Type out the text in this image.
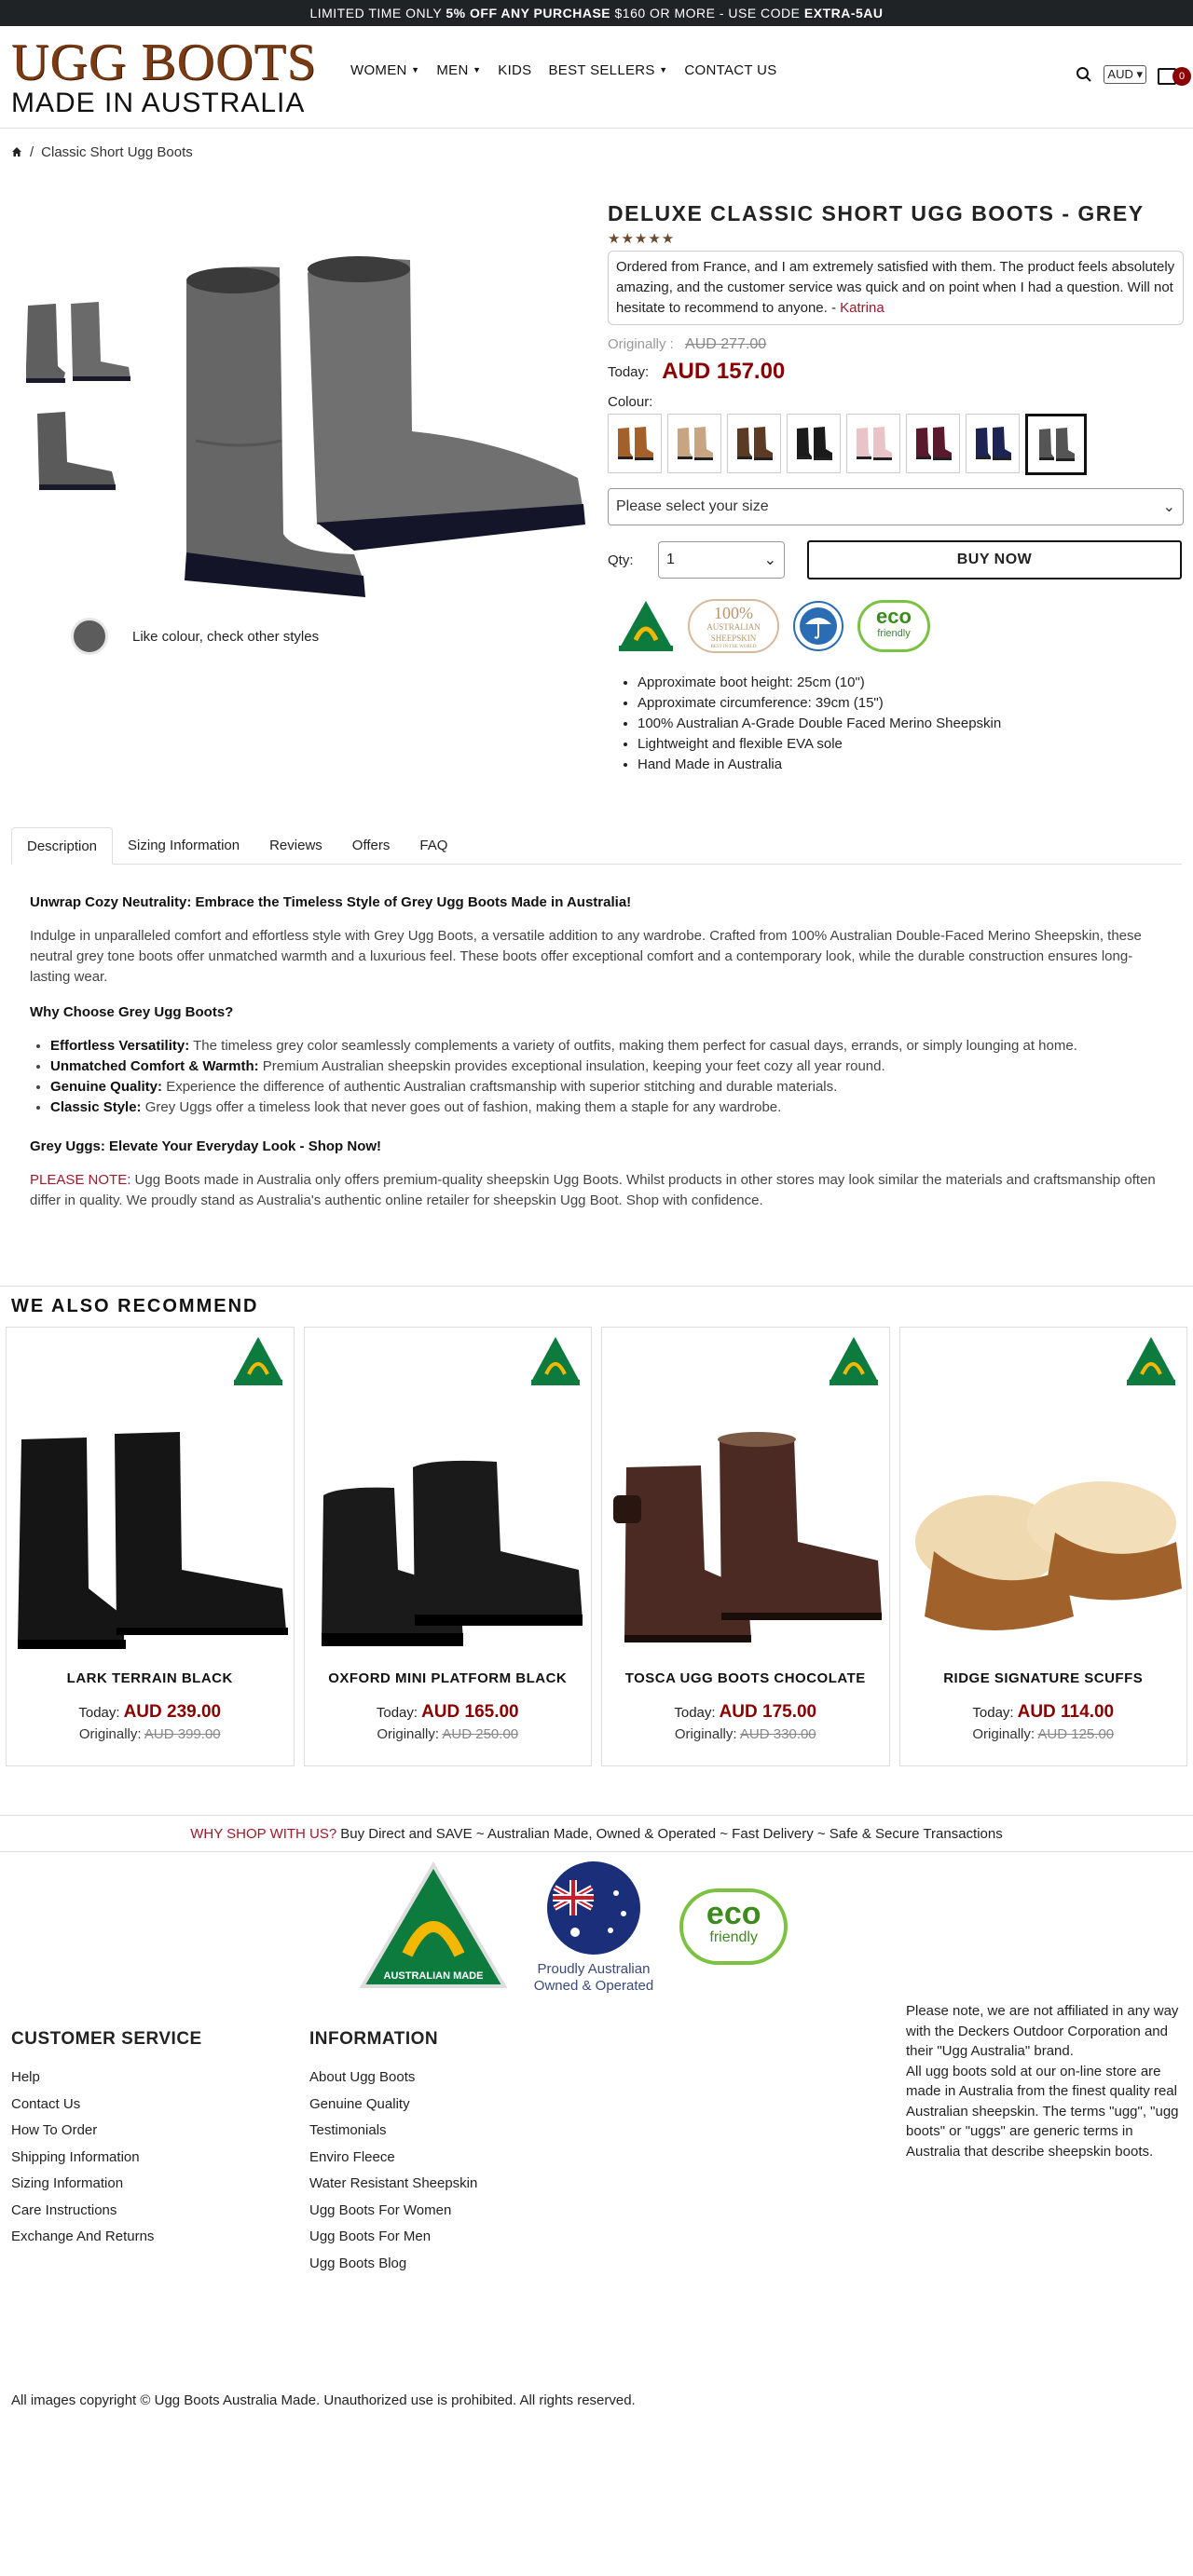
LIMITED TIME ONLY 5% OFF ANY PURCHASE $160 OR MORE - USE CODE EXTRA-5AU
UGG BOOTS
MADE IN AUSTRALIA
WOMEN ▼ MEN ▼ KIDS BEST SELLERS ▼ CONTACT US	AUD ▾	0
/ Classic Short Ugg Boots
Like colour, check other styles
DELUXE CLASSIC SHORT UGG BOOTS - GREY
★★★★★
Ordered from France, and I am extremely satisfied with them. The product feels absolutely amazing, and the customer service was quick and on point when I had a question. Will not hesitate to recommend to anyone. - Katrina
Originally : AUD 277.00
Today: AUD 157.00
Colour:
Please select your size	⌄
Qty:	1	⌄	BUY NOW
100%
AUSTRALIAN
SHEEPSKIN
BEST IN THE WORLD
eco
friendly
• Approximate boot height: 25cm (10")
• Approximate circumference: 39cm (15")
• 100% Australian A-Grade Double Faced Merino Sheepskin
• Lightweight and flexible EVA sole
• Hand Made in Australia
Description	Sizing Information	Reviews	Offers	FAQ
Unwrap Cozy Neutrality: Embrace the Timeless Style of Grey Ugg Boots Made in Australia!

Indulge in unparalleled comfort and effortless style with Grey Ugg Boots, a versatile addition to any wardrobe. Crafted from 100% Australian Double-Faced Merino Sheepskin, these neutral grey tone boots offer unmatched warmth and a luxurious feel. These boots offer exceptional comfort and a contemporary look, while the durable construction ensures long-lasting wear.

Why Choose Grey Ugg Boots?
• Effortless Versatility: The timeless grey color seamlessly complements a variety of outfits, making them perfect for casual days, errands, or simply lounging at home.
• Unmatched Comfort & Warmth: Premium Australian sheepskin provides exceptional insulation, keeping your feet cozy all year round.
• Genuine Quality: Experience the difference of authentic Australian craftsmanship with superior stitching and durable materials.
• Classic Style: Grey Uggs offer a timeless look that never goes out of fashion, making them a staple for any wardrobe.
Grey Uggs: Elevate Your Everyday Look - Shop Now!

PLEASE NOTE: Ugg Boots made in Australia only offers premium-quality sheepskin Ugg Boots. Whilst products in other stores may look similar the materials and craftsmanship often differ in quality. We proudly stand as Australia's authentic online retailer for sheepskin Ugg Boot. Shop with confidence.

WE ALSO RECOMMEND
LARK TERRAIN BLACK
Today: AUD 239.00
Originally: AUD 399.00
OXFORD MINI PLATFORM BLACK
Today: AUD 165.00
Originally: AUD 250.00
TOSCA UGG BOOTS CHOCOLATE
Today: AUD 175.00
Originally: AUD 330.00
RIDGE SIGNATURE SCUFFS
Today: AUD 114.00
Originally: AUD 125.00
WHY SHOP WITH US? Buy Direct and SAVE ~ Australian Made, Owned & Operated ~ Fast Delivery ~ Safe & Secure Transactions
AUSTRALIAN MADE	Proudly Australian
Owned & Operated
eco
friendly
CUSTOMER SERVICE
Help
Contact Us
How To Order
Shipping Information
Sizing Information
Care Instructions
Exchange And Returns
INFORMATION
About Ugg Boots
Genuine Quality
Testimonials
Enviro Fleece
Water Resistant Sheepskin
Ugg Boots For Women
Ugg Boots For Men
Ugg Boots Blog
Please note, we are not affiliated in any way with the Deckers Outdoor Corporation and their "Ugg Australia" brand.
All ugg boots sold at our on-line store are made in Australia from the finest quality real Australian sheepskin. The terms "ugg", "ugg boots" or "uggs" are generic terms in Australia that describe sheepskin boots.
All images copyright © Ugg Boots Australia Made. Unauthorized use is prohibited. All rights reserved.
